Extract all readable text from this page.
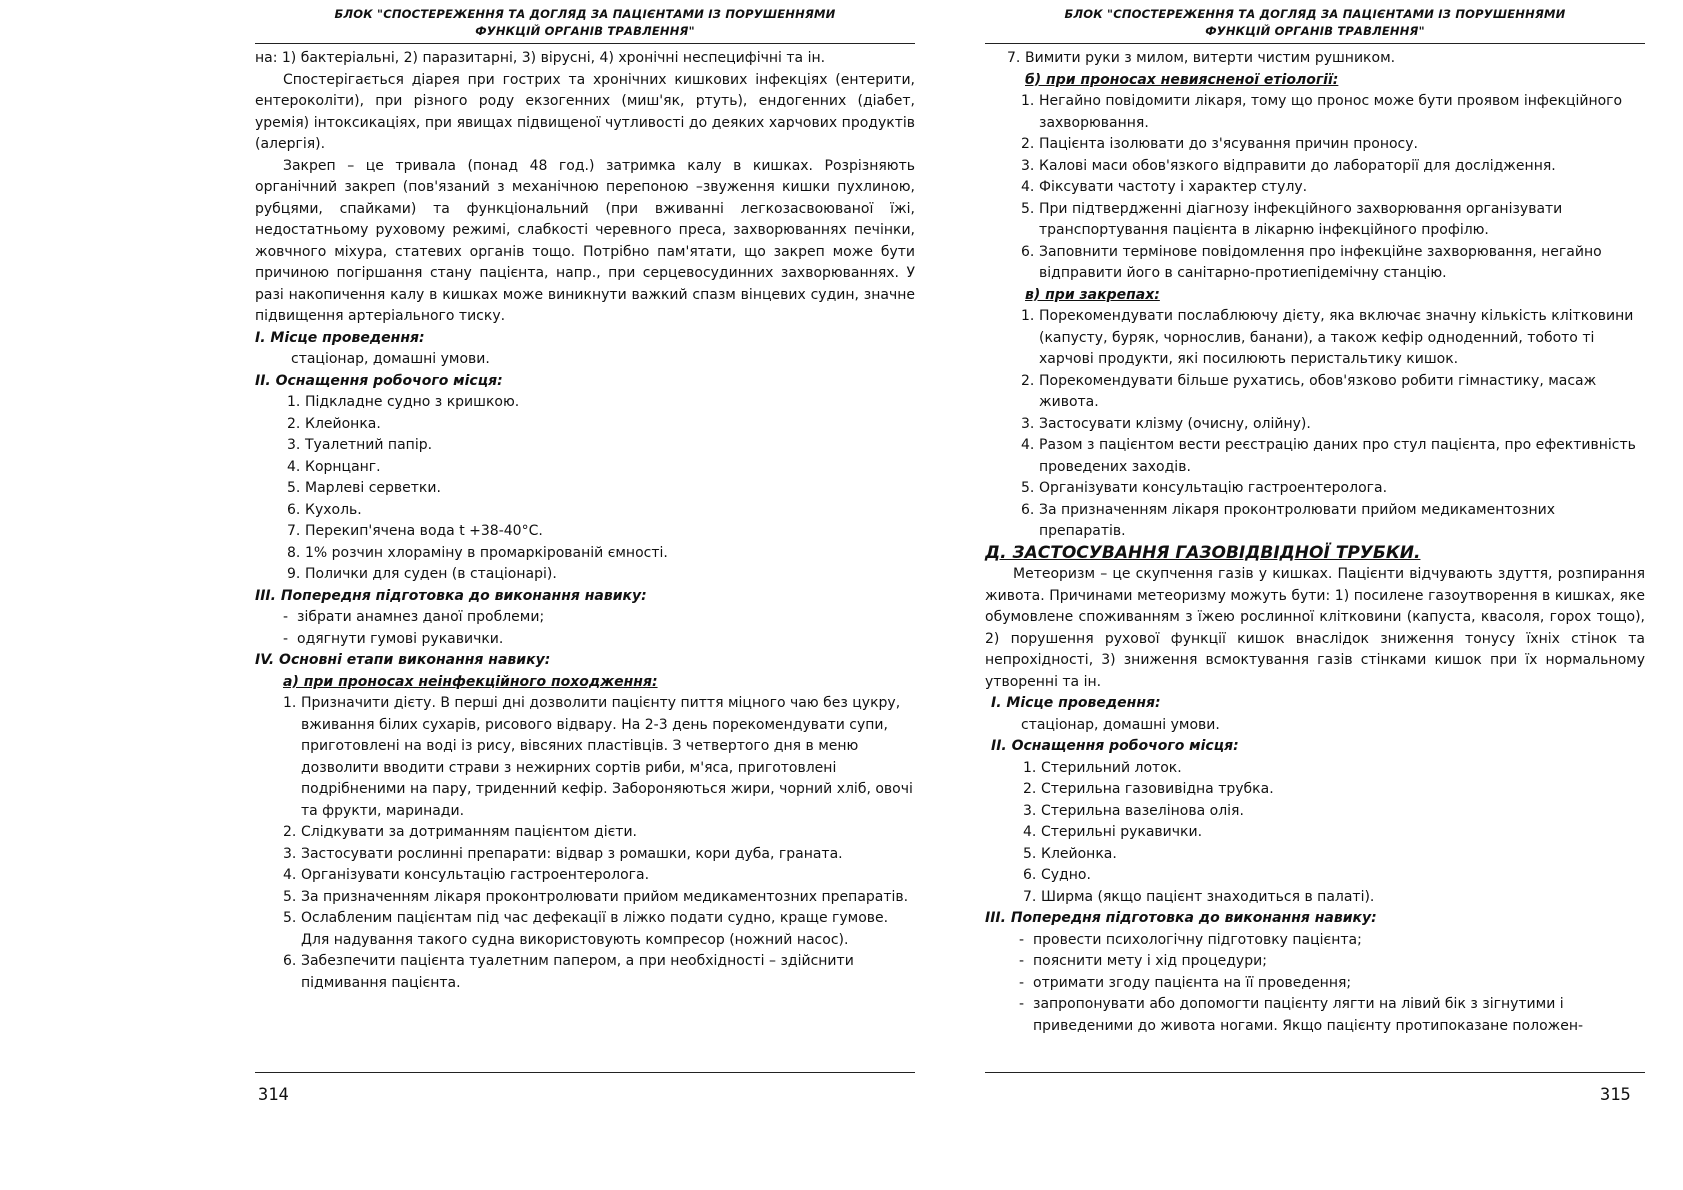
БЛОК "СПОСТЕРЕЖЕННЯ ТА ДОГЛЯД ЗА ПАЦІЄНТАМИ ІЗ ПОРУШЕННЯМИ
ФУНКЦІЙ ОРГАНІВ ТРАВЛЕННЯ"

на: 1) бактеріальні, 2) паразитарні, 3) вірусні, 4) хронічні неспецифічні та ін.

Спостерігається діарея при гострих та хронічних кишкових інфекціях (ентерити, ентероколіти), при різного роду екзогенних (миш'як, ртуть), ендогенних (діабет, уремія) інтоксикаціях, при явищах підвищеної чутливості до деяких харчових продуктів (алергія).

Закреп – це тривала (понад 48 год.) затримка калу в кишках. Розрізняють органічний закреп (пов'язаний з механічною перепоною –звуження кишки пухлиною, рубцями, спайками) та функціональний (при вживанні легкозасвоюваної їжі, недостатньому руховому режимі, слабкості черевного преса, захворюваннях печінки, жовчного міхура, статевих органів тощо. Потрібно пам'ятати, що закреп може бути причиною погіршання стану пацієнта, напр., при серцевосудинних захворюваннях. У разі накопичення калу в кишках може виникнути важкий спазм вінцевих судин, значне підвищення артеріального тиску.

І. Місце проведення:

стаціонар, домашні умови.

ІІ. Оснащення робочого місця:

1. Підкладне судно з кришкою.
2. Клейонка.
3. Туалетний папір.
4. Корнцанг.
5. Марлеві серветки.
6. Кухоль.
7. Перекип'ячена вода t +38-40°С.
8. 1% розчин хлораміну в промаркірованій ємності.
9. Полички для суден (в стаціонарі).

ІІІ. Попередня підготовка до виконання навику:

- зібрати анамнез даної проблеми;
- одягнути гумові рукавички.

IV. Основні етапи виконання навику:

а) при проносах неінфекційного походження:

1. Призначити дієту. В перші дні дозволити пацієнту пиття міцного чаю без цукру, вживання білих сухарів, рисового відвару. На 2-3 день порекомендувати супи, приготовлені на воді із рису, вівсяних пластівців. З четвертого дня в меню дозволити вводити страви з нежирних сортів риби, м'яса, приготовлені подрібненими на пару, триденний кефір. Забороняються жири, чорний хліб, овочі та фрукти, маринади.
2. Слідкувати за дотриманням пацієнтом дієти.
3. Застосувати рослинні препарати: відвар з ромашки, кори дуба, граната.
4. Організувати консультацію гастроентеролога.
5. За призначенням лікаря проконтролювати прийом медикаментозних препаратів.
5. Ослабленим пацієнтам під час дефекації в ліжко подати судно, краще гумове. Для надування такого судна використовують компресор (ножний насос).
6. Забезпечити пацієнта туалетним папером, а при необхідності – здійснити підмивання пацієнта.
314
БЛОК "СПОСТЕРЕЖЕННЯ ТА ДОГЛЯД ЗА ПАЦІЄНТАМИ ІЗ ПОРУШЕННЯМИ
ФУНКЦІЙ ОРГАНІВ ТРАВЛЕННЯ"
7. Вимити руки з милом, витерти чистим рушником.

б) при проносах невиясненої етіології:

1. Негайно повідомити лікаря, тому що пронос може бути проявом інфекційного захворювання.
2. Пацієнта ізолювати до з'ясування причин проносу.
3. Калові маси обов'язкого відправити до лабораторії для дослідження.
4. Фіксувати частоту і характер стулу.
5. При підтвердженні діагнозу інфекційного захворювання організувати транспортування пацієнта в лікарню інфекційного профілю.
6. Заповнити термінове повідомлення про інфекційне захворювання, негайно відправити його в санітарно-протиепідемічну станцію.

в) при закрепах:

1. Порекомендувати послаблюючу дієту, яка включає значну кількість клітковини (капусту, буряк, чорнослив, банани), а також кефір одноденний, тобото ті харчові продукти, які посилюють перистальтику кишок.
2. Порекомендувати більше рухатись, обов'язково робити гімнастику, масаж живота.
3. Застосувати клізму (очисну, олійну).
4. Разом з пацієнтом вести реєстрацію даних про стул пацієнта, про ефективність проведених заходів.
5. Організувати консультацію гастроентеролога.
6. За призначенням лікаря проконтролювати прийом медикаментозних препаратів.

Д. ЗАСТОСУВАННЯ ГАЗОВІДВІДНОЇ ТРУБКИ.

Метеоризм – це скупчення газів у кишках. Пацієнти відчувають здуття, розпирання живота. Причинами метеоризму можуть бути: 1) посилене газоутворення в кишках, яке обумовлене споживанням з їжею рослинної клітковини (капуста, квасоля, горох тощо), 2) порушення рухової функції кишок внаслідок зниження тонусу їхніх стінок та непрохідності, 3) зниження всмоктування газів стінками кишок при їх нормальному утворенні та ін.

І. Місце проведення:

стаціонар, домашні умови.

ІІ. Оснащення робочого місця:

1. Стерильний лоток.
2. Стерильна газовивідна трубка.
3. Стерильна вазелінова олія.
4. Стерильні рукавички.
5. Клейонка.
6. Судно.
7. Ширма (якщо пацієнт знаходиться в палаті).

ІІІ. Попередня підготовка до виконання навику:

- провести психологічну підготовку пацієнта;
- пояснити мету і хід процедури;
- отримати згоду пацієнта на її проведення;
- запропонувати або допомогти пацієнту лягти на лівий бік з зігнутими і приведеними до живота ногами. Якщо пацієнту протипоказане положен-
315
